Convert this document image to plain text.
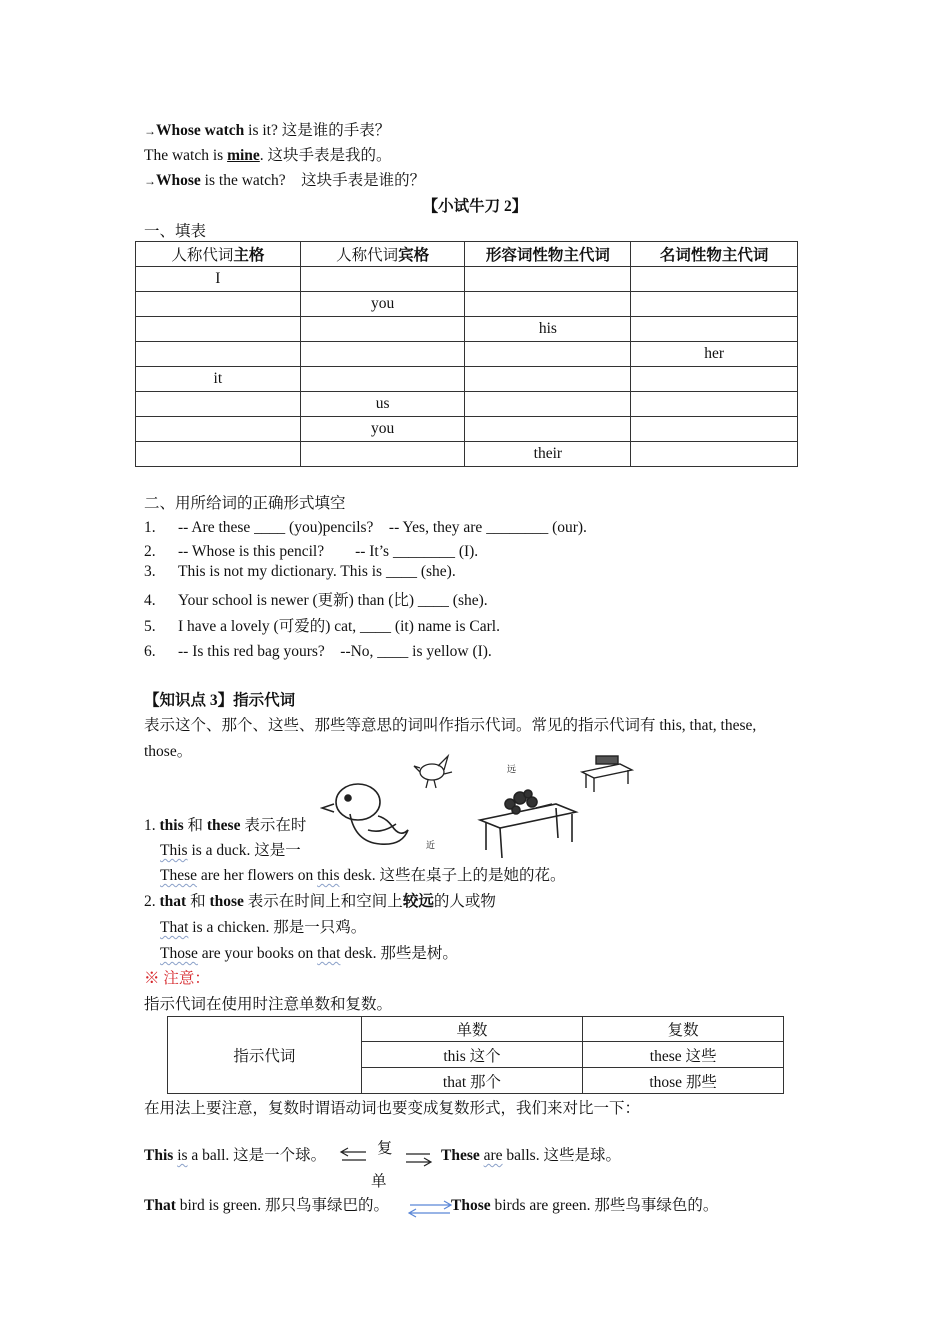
→Whose watch is it? 这是谁的手表？
The watch is mine. 这块手表是我的。
→Whose is the watch?　这块手表是谁的？
【小试牛刀 2】
一、填表
人称代词主格	人称代词宾格	形容词性物主代词	名词性物主代词
I			
	you		
		his	
			her
it			
	us		
	you		
		their	
二、用所给词的正确形式填空
1. -- Are these ____ (you)pencils?　-- Yes, they are ________ (our).
2. -- Whose is this pencil?　　-- It’s ________ (I).
3. This is not my dictionary. This is ____ (she).
4. Your school is newer (更新) than (比) ____ (she).
5. I have a lovely (可爱的) cat, ____ (it) name is Carl.
6. -- Is this red bag yours?　--No, ____ is yellow (I).
【知识点 3】指示代词
表示这个、那个、这些、那些等意思的词叫作指示代词。常见的指示代词有 this, that, these,
those。
近
远
1. this 和 these 表示在时
This is a duck. 这是一
These are her flowers on this desk. 这些在桌子上的是她的花。
2. that 和 those 表示在时间上和空间上较远的人或物
That is a chicken. 那是一只鸡。
Those are your books on that desk. 那些是树。
※ 注意：
指示代词在使用时注意单数和复数。
指示代词	单数	复数
	this 这个	these 这些
	that 那个	those 那些
在用法上要注意，复数时谓语动词也要变成复数形式，我们来对比一下：
This is a ball. 这是一个球。	复
单
These are balls. 这些是球。
That bird is green. 那只鸟事绿巴的。	Those birds are green. 那些鸟事绿色的。
